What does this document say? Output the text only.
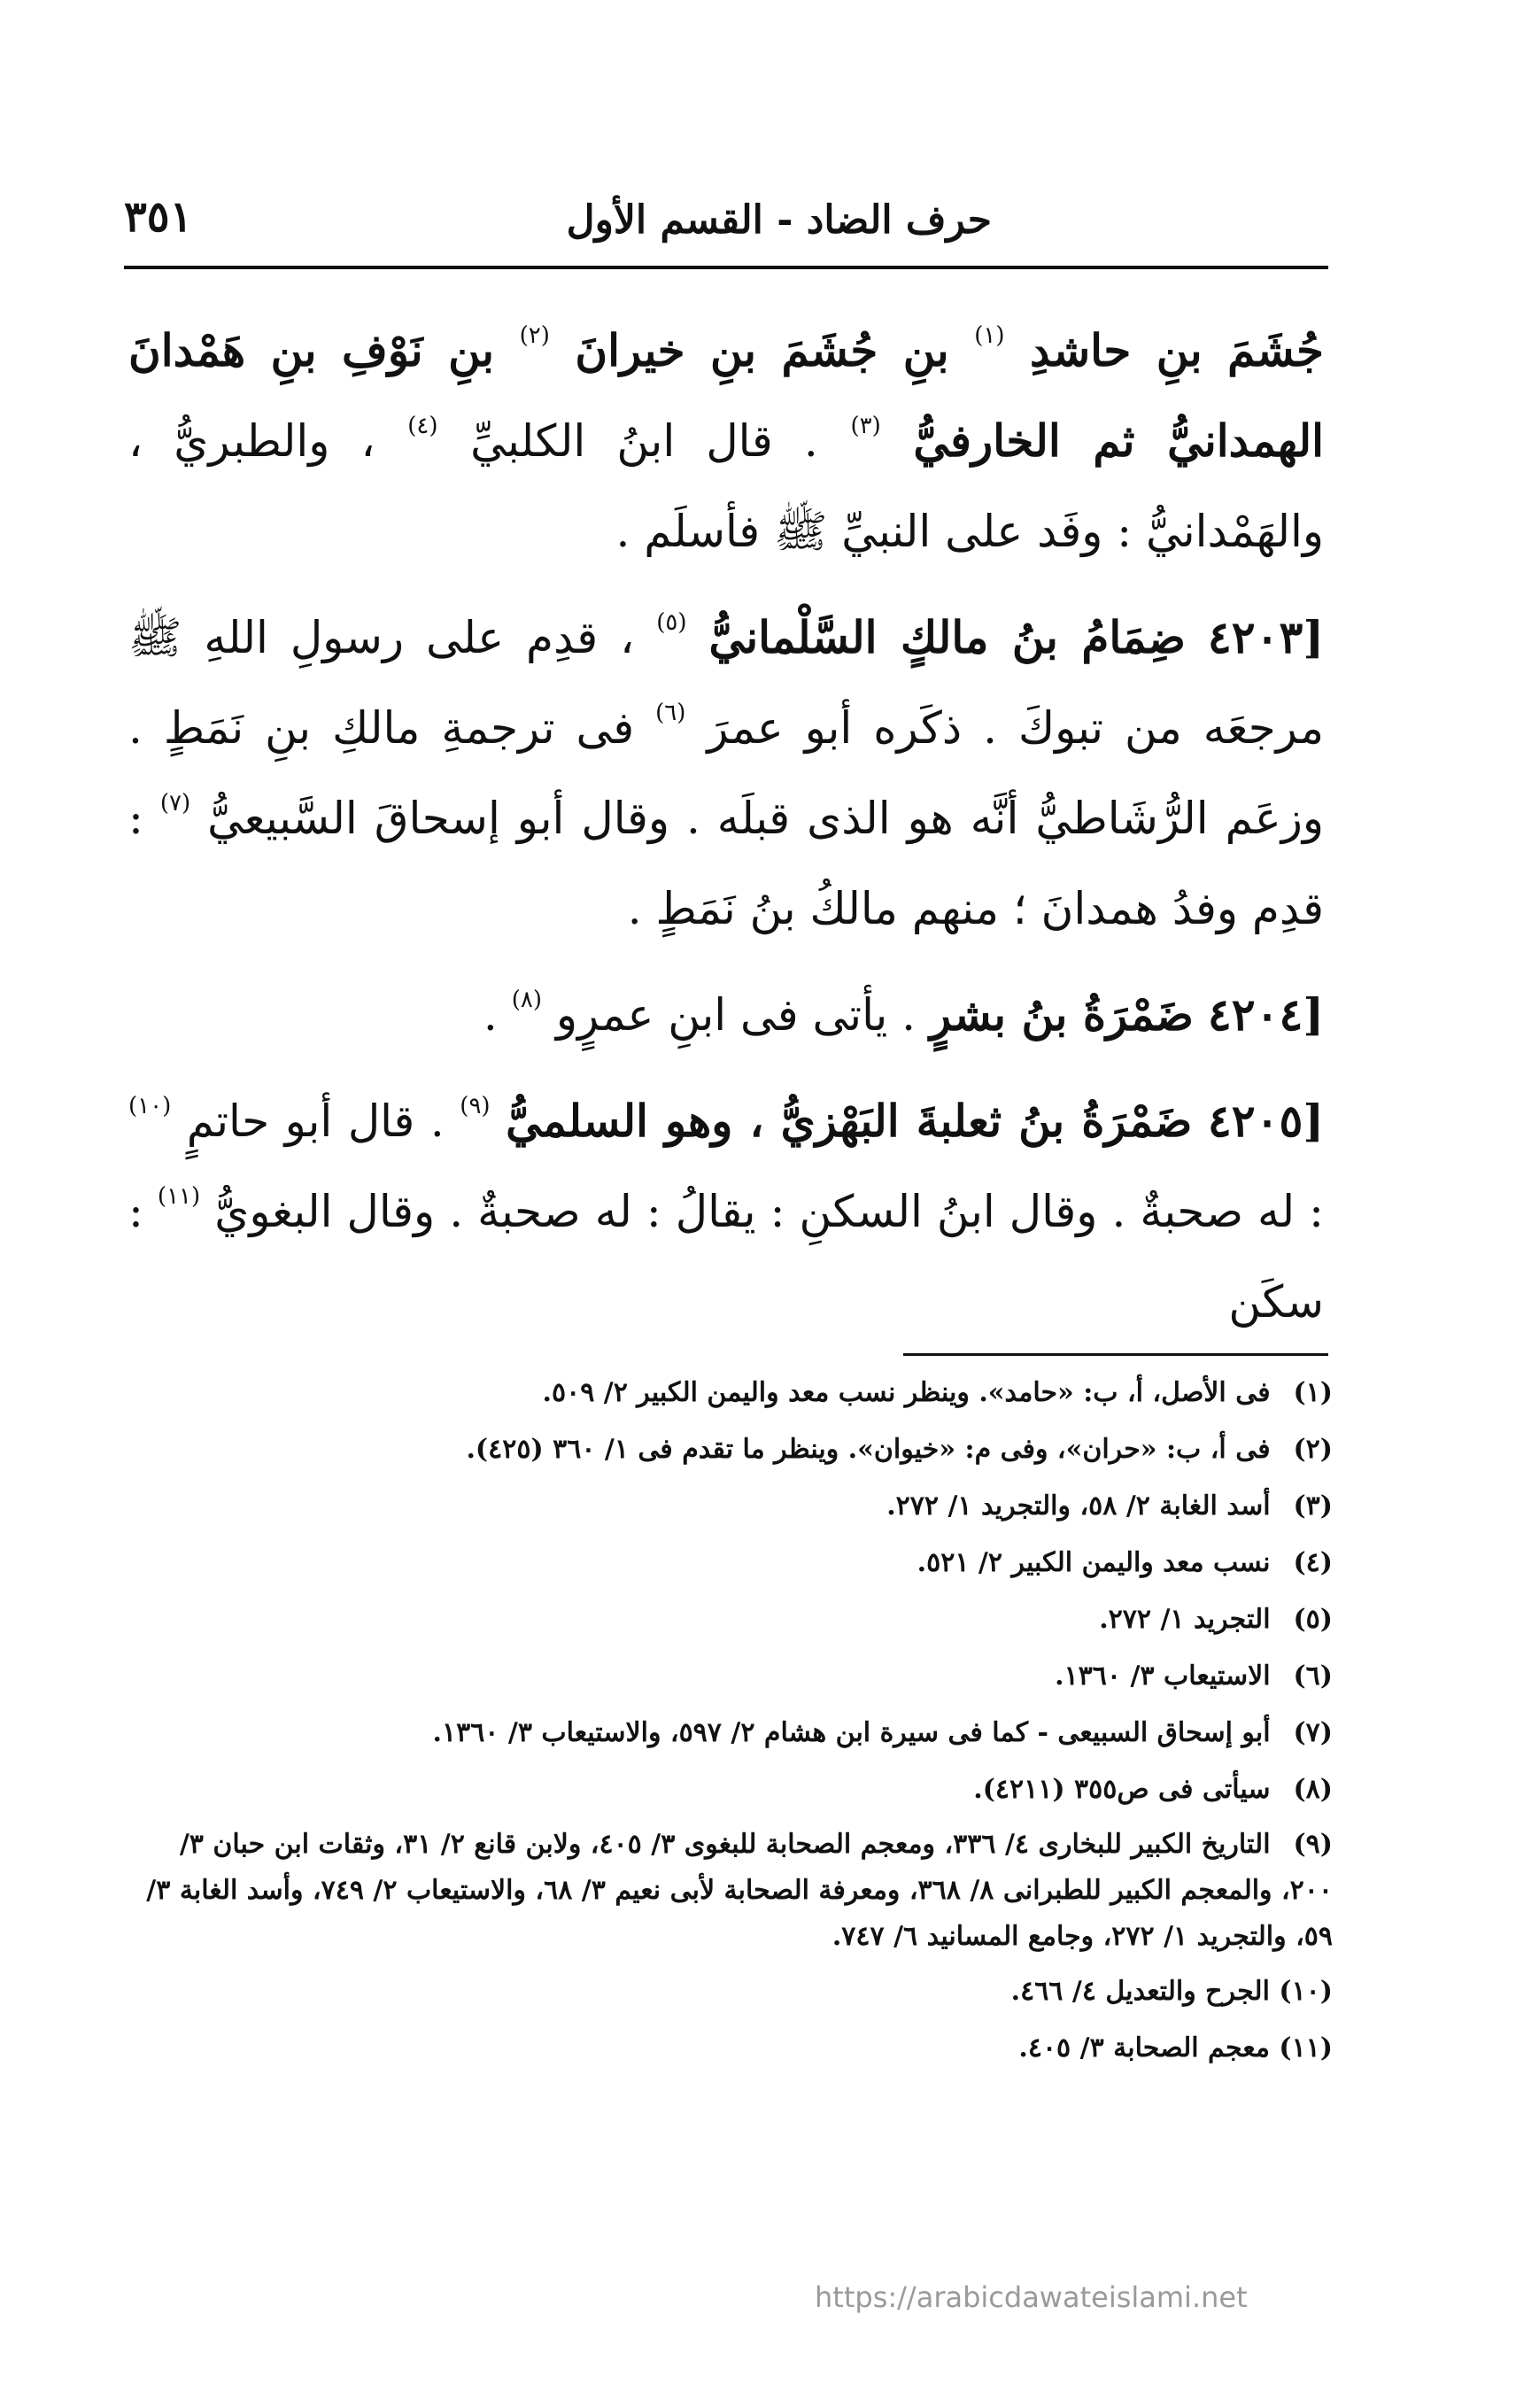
حرف الضاد - القسم الأول
٣٥١

جُشَمَ بنِ حاشدِ $^{(١)}$ بنِ جُشَمَ بنِ خيرانَ $^{(٢)}$ بنِ نَوْفِ بنِ هَمْدانَ الهمدانيُّ ثم الخارفيُّ $^{(٣)}$ . قال ابنُ الكلبيِّ $^{(٤)}$ ، والطبريُّ ، والهَمْدانيُّ : وفَد على النبيِّ ﷺ فأسلَم .

[٤٢٠٣ ضِمَامُ بنُ مالكٍ السَّلْمانيُّ $^{(٥)}$ ، قدِم على رسولِ اللهِ ﷺ مرجعَه من تبوكَ . ذكَره أبو عمرَ $^{(٦)}$ فى ترجمةِ مالكِ بنِ نَمَطٍ . وزعَم الرُّشَاطيُّ أنَّه هو الذى قبلَه . وقال أبو إسحاقَ السَّبيعيُّ $^{(٧)}$ : قدِم وفدُ همدانَ ؛ منهم مالكُ بنُ نَمَطٍ .

[٤٢٠٤ ضَمْرَةُ بنُ بشرٍ . يأتى فى ابنِ عمرٍو $^{(٨)}$ .

[٤٢٠٥ ضَمْرَةُ بنُ ثعلبةَ البَهْزيُّ ، وهو السلميُّ $^{(٩)}$ . قال أبو حاتمٍ $^{(١٠)}$ : له صحبةٌ . وقال ابنُ السكنِ : يقالُ : له صحبةٌ . وقال البغويُّ $^{(١١)}$ : سكَن

(١) فى الأصل، أ، ب: «حامد». وينظر نسب معد واليمن الكبير ٢/ ٥٠٩.

(٢) فى أ، ب: «حران»، وفى م: «خيوان». وينظر ما تقدم فى ١/ ٣٦٠ (٤٢٥).

(٣) أسد الغابة ٢/ ٥٨، والتجريد ١/ ٢٧٢.

(٤) نسب معد واليمن الكبير ٢/ ٥٢١.

(٥) التجريد ١/ ٢٧٢.

(٦) الاستيعاب ٣/ ١٣٦٠.

(٧) أبو إسحاق السبيعى - كما فى سيرة ابن هشام ٢/ ٥٩٧، والاستيعاب ٣/ ١٣٦٠.

(٨) سيأتى فى ص٣٥٥ (٤٢١١).

(٩) التاريخ الكبير للبخارى ٤/ ٣٣٦، ومعجم الصحابة للبغوى ٣/ ٤٠٥، ولابن قانع ٢/ ٣١، وثقات ابن حبان ٣/ ٢٠٠، والمعجم الكبير للطبرانى ٨/ ٣٦٨، ومعرفة الصحابة لأبى نعيم ٣/ ٦٨، والاستيعاب ٢/ ٧٤٩، وأسد الغابة ٣/ ٥٩، والتجريد ١/ ٢٧٢، وجامع المسانيد ٦/ ٧٤٧.

(١٠) الجرح والتعديل ٤/ ٤٦٦.

(١١) معجم الصحابة ٣/ ٤٠٥.

https://arabicdawateislami.net
